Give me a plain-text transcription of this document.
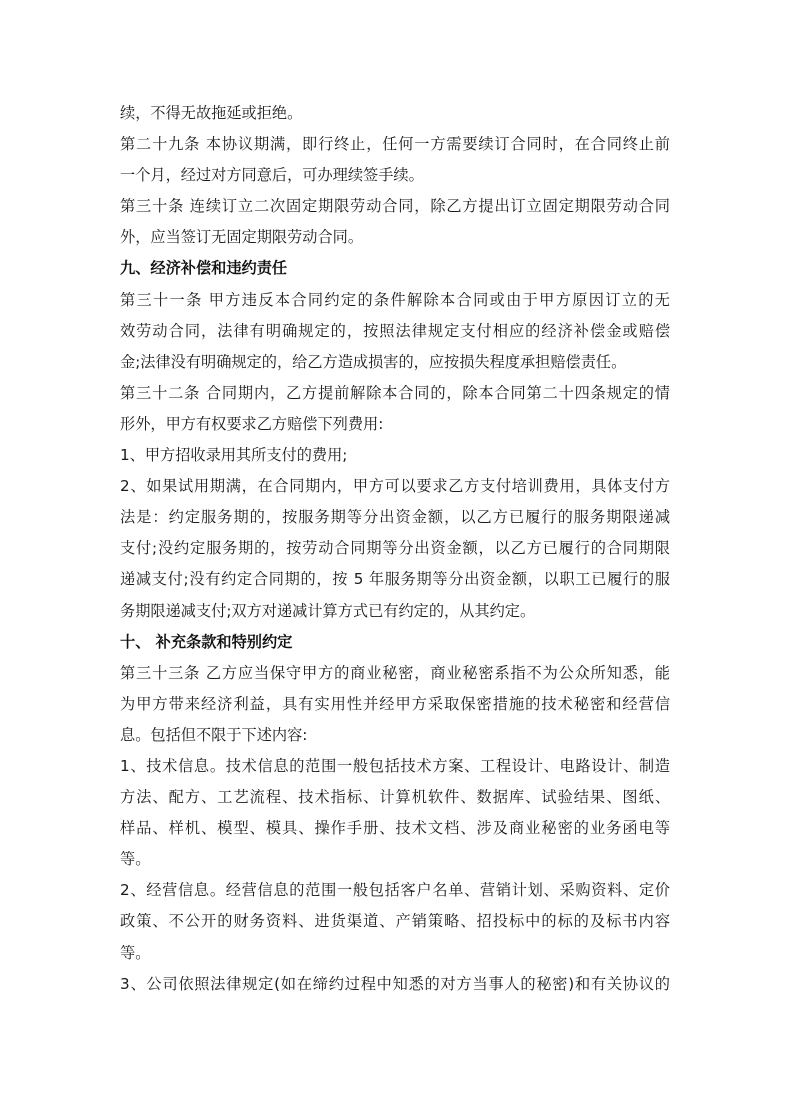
续，不得无故拖延或拒绝。
第二十九条 本协议期满，即行终止，任何一方需要续订合同时，在合同终止前
一个月，经过对方同意后，可办理续签手续。
第三十条 连续订立二次固定期限劳动合同，除乙方提出订立固定期限劳动合同
外，应当签订无固定期限劳动合同。
九、经济补偿和违约责任
第三十一条 甲方违反本合同约定的条件解除本合同或由于甲方原因订立的无
效劳动合同，法律有明确规定的，按照法律规定支付相应的经济补偿金或赔偿
金;法律没有明确规定的，给乙方造成损害的，应按损失程度承担赔偿责任。
第三十二条 合同期内，乙方提前解除本合同的，除本合同第二十四条规定的情
形外，甲方有权要求乙方赔偿下列费用:
1、甲方招收录用其所支付的费用;
2、如果试用期满，在合同期内，甲方可以要求乙方支付培训费用，具体支付方
法是：约定服务期的，按服务期等分出资金额，以乙方已履行的服务期限递减
支付;没约定服务期的，按劳动合同期等分出资金额，以乙方已履行的合同期限
递减支付;没有约定合同期的，按 5 年服务期等分出资金额，以职工已履行的服
务期限递减支付;双方对递减计算方式已有约定的，从其约定。
十、 补充条款和特别约定
第三十三条 乙方应当保守甲方的商业秘密，商业秘密系指不为公众所知悉，能
为甲方带来经济利益，具有实用性并经甲方采取保密措施的技术秘密和经营信
息。包括但不限于下述内容:
1、技术信息。技术信息的范围一般包括技术方案、工程设计、电路设计、制造
方法、配方、工艺流程、技术指标、计算机软件、数据库、试验结果、图纸、
样品、样机、模型、模具、操作手册、技术文档、涉及商业秘密的业务函电等
等。
2、经营信息。经营信息的范围一般包括客户名单、营销计划、采购资料、定价
政策、不公开的财务资料、进货渠道、产销策略、招投标中的标的及标书内容
等。
3、公司依照法律规定(如在缔约过程中知悉的对方当事人的秘密)和有关协议的
